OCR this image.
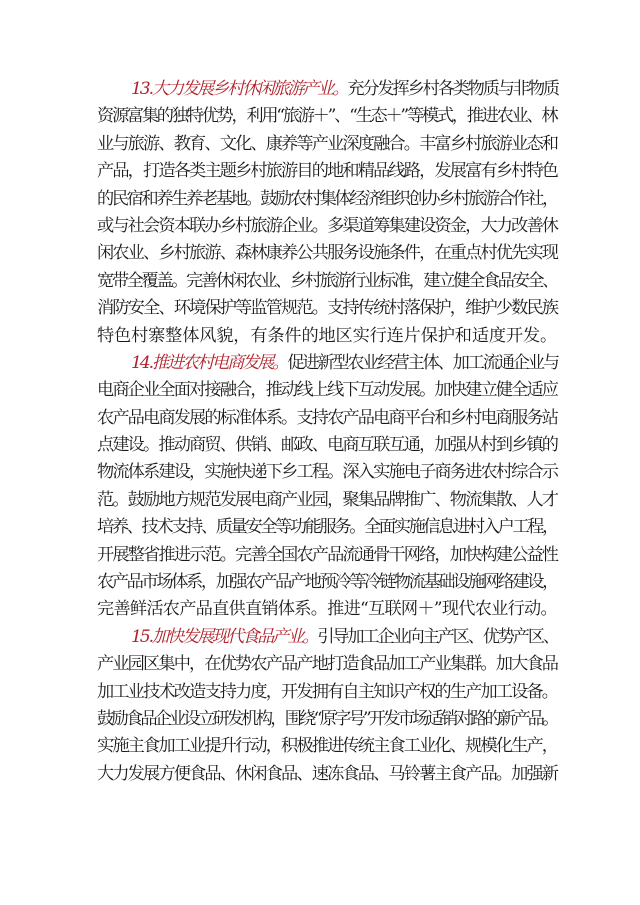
13.大力发展乡村休闲旅游产业。充分发挥乡村各类物质与非物质
资源富集的独特优势，利用“旅游＋”、“生态＋”等模式，推进农业、林
业与旅游、教育、文化、康养等产业深度融合。丰富乡村旅游业态和
产品，打造各类主题乡村旅游目的地和精品线路，发展富有乡村特色
的民宿和养生养老基地。鼓励农村集体经济组织创办乡村旅游合作社，
或与社会资本联办乡村旅游企业。多渠道筹集建设资金，大力改善休
闲农业、乡村旅游、森林康养公共服务设施条件，在重点村优先实现
宽带全覆盖。完善休闲农业、乡村旅游行业标准，建立健全食品安全、
消防安全、环境保护等监管规范。支持传统村落保护，维护少数民族
特色村寨整体风貌，有条件的地区实行连片保护和适度开发。
14.推进农村电商发展。促进新型农业经营主体、加工流通企业与
电商企业全面对接融合，推动线上线下互动发展。加快建立健全适应
农产品电商发展的标准体系。支持农产品电商平台和乡村电商服务站
点建设。推动商贸、供销、邮政、电商互联互通，加强从村到乡镇的
物流体系建设，实施快递下乡工程。深入实施电子商务进农村综合示
范。鼓励地方规范发展电商产业园，聚集品牌推广、物流集散、人才
培养、技术支持、质量安全等功能服务。全面实施信息进村入户工程，
开展整省推进示范。完善全国农产品流通骨干网络，加快构建公益性
农产品市场体系，加强农产品产地预冷等冷链物流基础设施网络建设，
完善鲜活农产品直供直销体系。推进“互联网＋”现代农业行动。
15.加快发展现代食品产业。引导加工企业向主产区、优势产区、
产业园区集中，在优势农产品产地打造食品加工产业集群。加大食品
加工业技术改造支持力度，开发拥有自主知识产权的生产加工设备。
鼓励食品企业设立研发机构，围绕“原字号”开发市场适销对路的新产品。
实施主食加工业提升行动，积极推进传统主食工业化、规模化生产，
大力发展方便食品、休闲食品、速冻食品、马铃薯主食产品。加强新
